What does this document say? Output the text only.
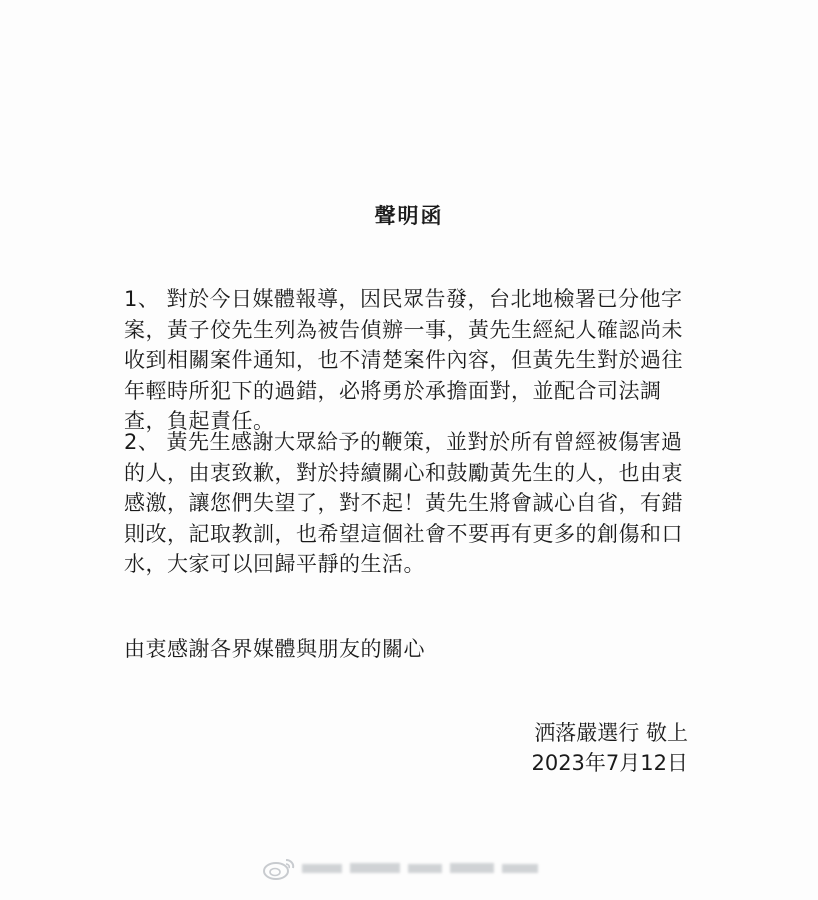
聲明函

1、 對於今日媒體報導，因民眾告發，台北地檢署已分他字案，黃子佼先生列為被告偵辦一事，黃先生經紀人確認尚未收到相關案件通知，也不清楚案件內容，但黃先生對於過往年輕時所犯下的過錯，必將勇於承擔面對，並配合司法調查，負起責任。

2、 黃先生感謝大眾給予的鞭策，並對於所有曾經被傷害過的人，由衷致歉，對於持續關心和鼓勵黃先生的人，也由衷感激，讓您們失望了，對不起！黃先生將會誠心自省，有錯則改，記取教訓，也希望這個社會不要再有更多的創傷和口水，大家可以回歸平靜的生活。

由衷感謝各界媒體與朋友的關心
洒落嚴選行 敬上
2023年7月12日
